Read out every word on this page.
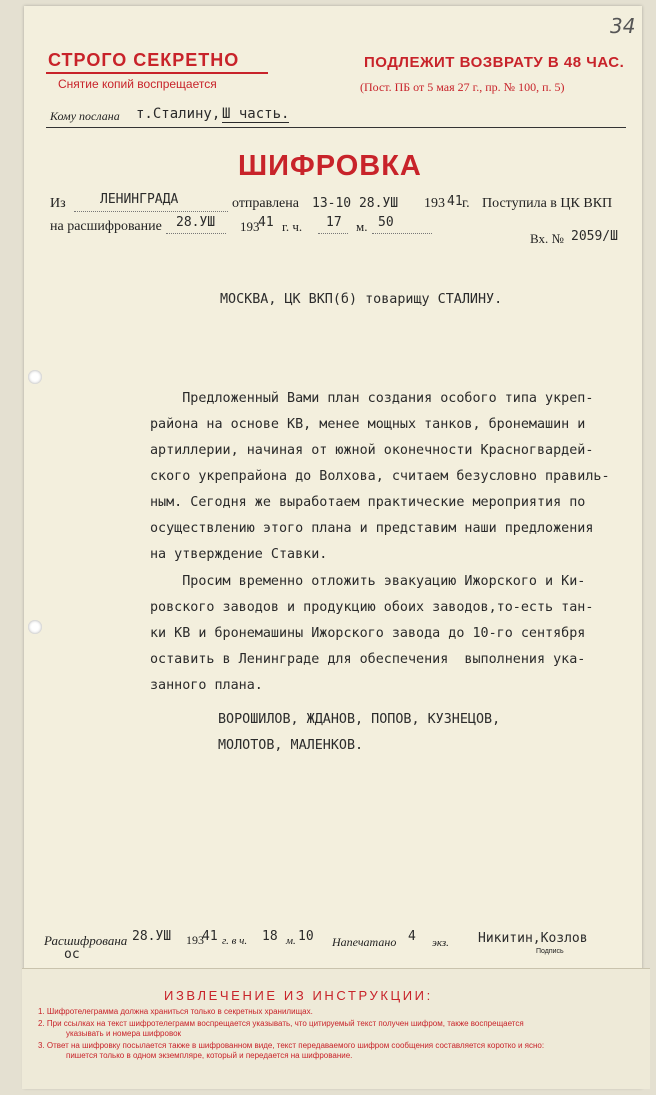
34
СТРОГО СЕКРЕТНО
Снятие копий воспрещается
ПОДЛЕЖИТ ВОЗВРАТУ В 48 ЧАС.
(Пост. ПБ от 5 мая 27 г., пр. № 100, п. 5)
Кому послана т.Сталину, Ш часть.
ШИФРОВКА
Из	ЛЕНИНГРАДА	отправлена 13-10 28.УШ 193 41 г. Поступила в ЦК ВКП
на расшифрование 28.УШ 193
41 г. ч. 17 м. 50
Вх. № 2059/Ш
МОСКВА, ЦК ВКП(б) товарищу СТАЛИНУ.

Предложенный Вами план создания особого типа укреп-
района на основе КВ, менее мощных танков, бронемашин и
артиллерии, начиная от южной оконечности Красногвардей-
ского укрепрайона до Волхова, считаем безусловно правиль-
ным. Сегодня же выработаем практические мероприятия по
осуществлению этого плана и представим наши предложения
на утверждение Ставки.

Просим временно отложить эвакуацию Ижорского и Ки-
ровского заводов и продукцию обоих заводов,то-есть тан-
ки КВ и бронемашины Ижорского завода до 10-го сентября
оставить в Ленинграде для обеспечения  выполнения ука-
занного плана.

ВОРОШИЛОВ, ЖДАНОВ, ПОПОВ, КУЗНЕЦОВ,
МОЛОТОВ, МАЛЕНКОВ.
Расшифрована 28.УШ
ос
193
41 г. в ч. 18 м. 10 Напечатано 4 экз. Никитин,Козлов
Подпись
ИЗВЛЕЧЕНИЕ ИЗ ИНСТРУКЦИИ:
1. Шифротелеграмма должна храниться только в секретных хранилищах.
2. При ссылках на текст шифротелеграмм воспрещается указывать, что цитируемый текст получен шифром, также воспрещается
указывать и номера шифровок
3. Ответ на шифровку посылается также в шифрованном виде, текст передаваемого шифром сообщения составляется коротко и ясно:
пишется только в одном экземпляре, который и передается на шифрование.
